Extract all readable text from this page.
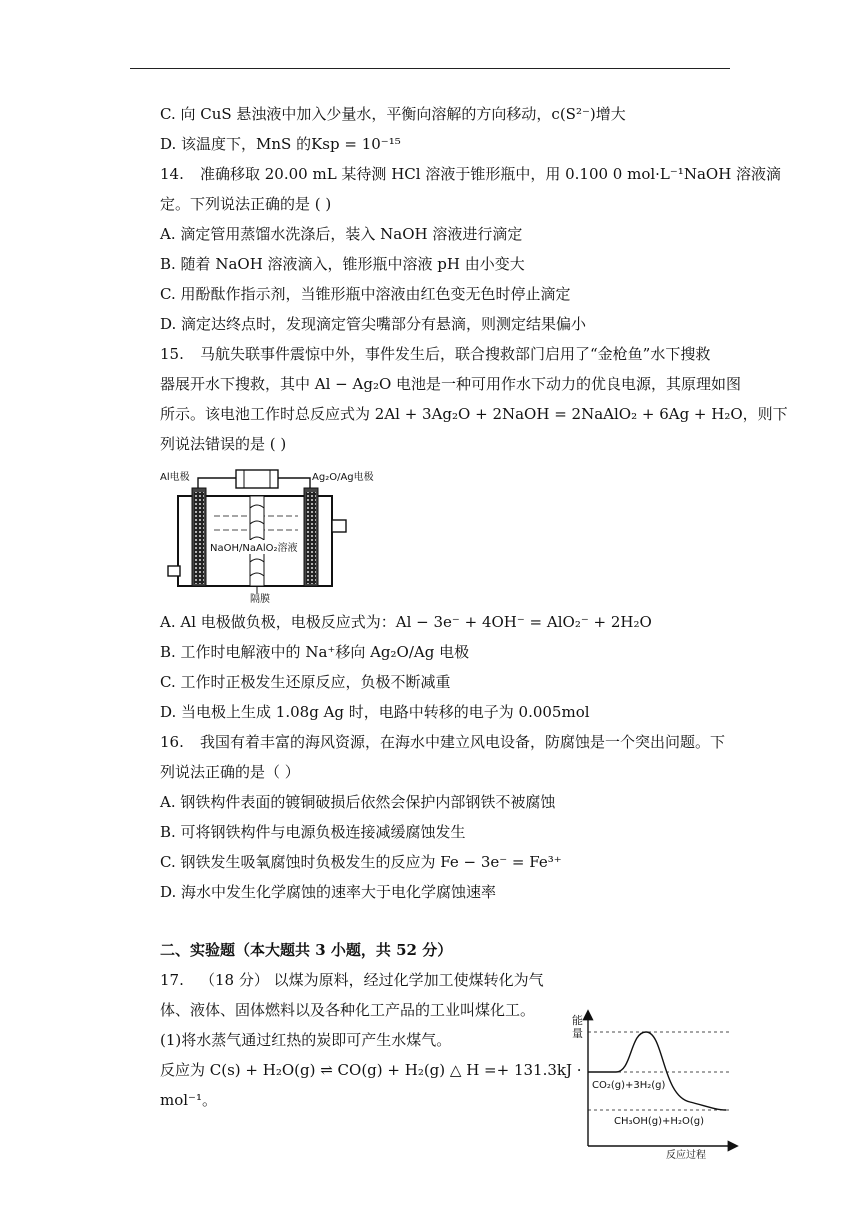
C. 向 CuS 悬浊液中加入少量水，平衡向溶解的方向移动，c(S²⁻)增大
D. 该温度下，MnS 的Ksp = 10⁻¹⁵
14. 准确移取 20.00 mL 某待测 HCl 溶液于锥形瓶中，用 0.100 0 mol·L⁻¹NaOH 溶液滴
定。下列说法正确的是 ( )
A. 滴定管用蒸馏水洗涤后，装入 NaOH 溶液进行滴定
B. 随着 NaOH 溶液滴入，锥形瓶中溶液 pH 由小变大
C. 用酚酞作指示剂，当锥形瓶中溶液由红色变无色时停止滴定
D. 滴定达终点时，发现滴定管尖嘴部分有悬滴，则测定结果偏小
15. 马航失联事件震惊中外，事件发生后，联合搜救部门启用了“金枪鱼”水下搜救
器展开水下搜救，其中 Al − Ag₂O 电池是一种可用作水下动力的优良电源，其原理如图
所示。该电池工作时总反应式为 2Al + 3Ag₂O + 2NaOH = 2NaAlO₂ + 6Ag + H₂O，则下
列说法错误的是 ( )
Al电极	Ag₂O/Ag电极
NaOH/NaAlO₂溶液
隔膜
A. Al 电极做负极，电极反应式为：Al − 3e⁻ + 4OH⁻ = AlO₂⁻ + 2H₂O
B. 工作时电解液中的 Na⁺移向 Ag₂O/Ag 电极
C. 工作时正极发生还原反应，负极不断减重
D. 当电极上生成 1.08g Ag 时，电路中转移的电子为 0.005mol
16. 我国有着丰富的海风资源，在海水中建立风电设备，防腐蚀是一个突出问题。下
列说法正确的是（ ）
A. 钢铁构件表面的镀铜破损后依然会保护内部钢铁不被腐蚀
B. 可将钢铁构件与电源负极连接减缓腐蚀发生
C. 钢铁发生吸氧腐蚀时负极发生的反应为 Fe − 3e⁻ = Fe³⁺
D. 海水中发生化学腐蚀的速率大于电化学腐蚀速率
二、实验题（本大题共 3 小题，共 52 分）
17. （18 分） 以煤为原料，经过化学加工使煤转化为气
体、液体、固体燃料以及各种化工产品的工业叫煤化工。
(1)将水蒸气通过红热的炭即可产生水煤气。
反应为 C(s) + H₂O(g) ⇌ CO(g) + H₂(g) △ H =+ 131.3kJ ·
mol⁻¹。
能
量
CO₂(g)+3H₂(g)
CH₃OH(g)+H₂O(g)
反应过程
